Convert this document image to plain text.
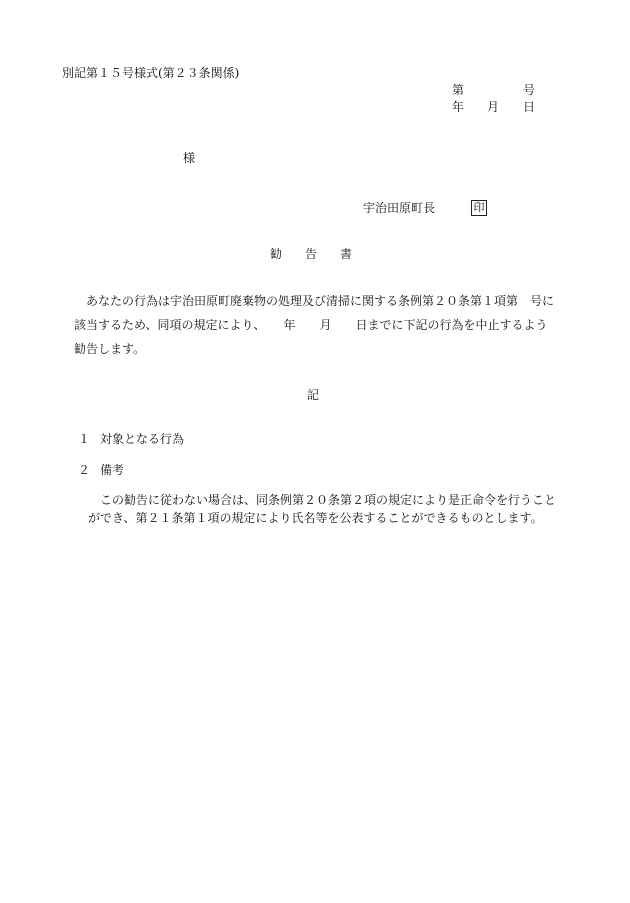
別記第１５号様式(第２３条関係)
第	号
年 月 日
様
宇治田原町長	印
勧 告 書
あなたの行為は宇治田原町廃棄物の処理及び清掃に関する条例第２０条第１項第　号に
該当するため、同項の規定により、　　年　　月　　日までに下記の行為を中止するよう
勧告します。
記
１ 対象となる行為
２ 備考
この勧告に従わない場合は、同条例第２０条第２項の規定により是正命令を行うこと
ができ、第２１条第１項の規定により氏名等を公表することができるものとします。
